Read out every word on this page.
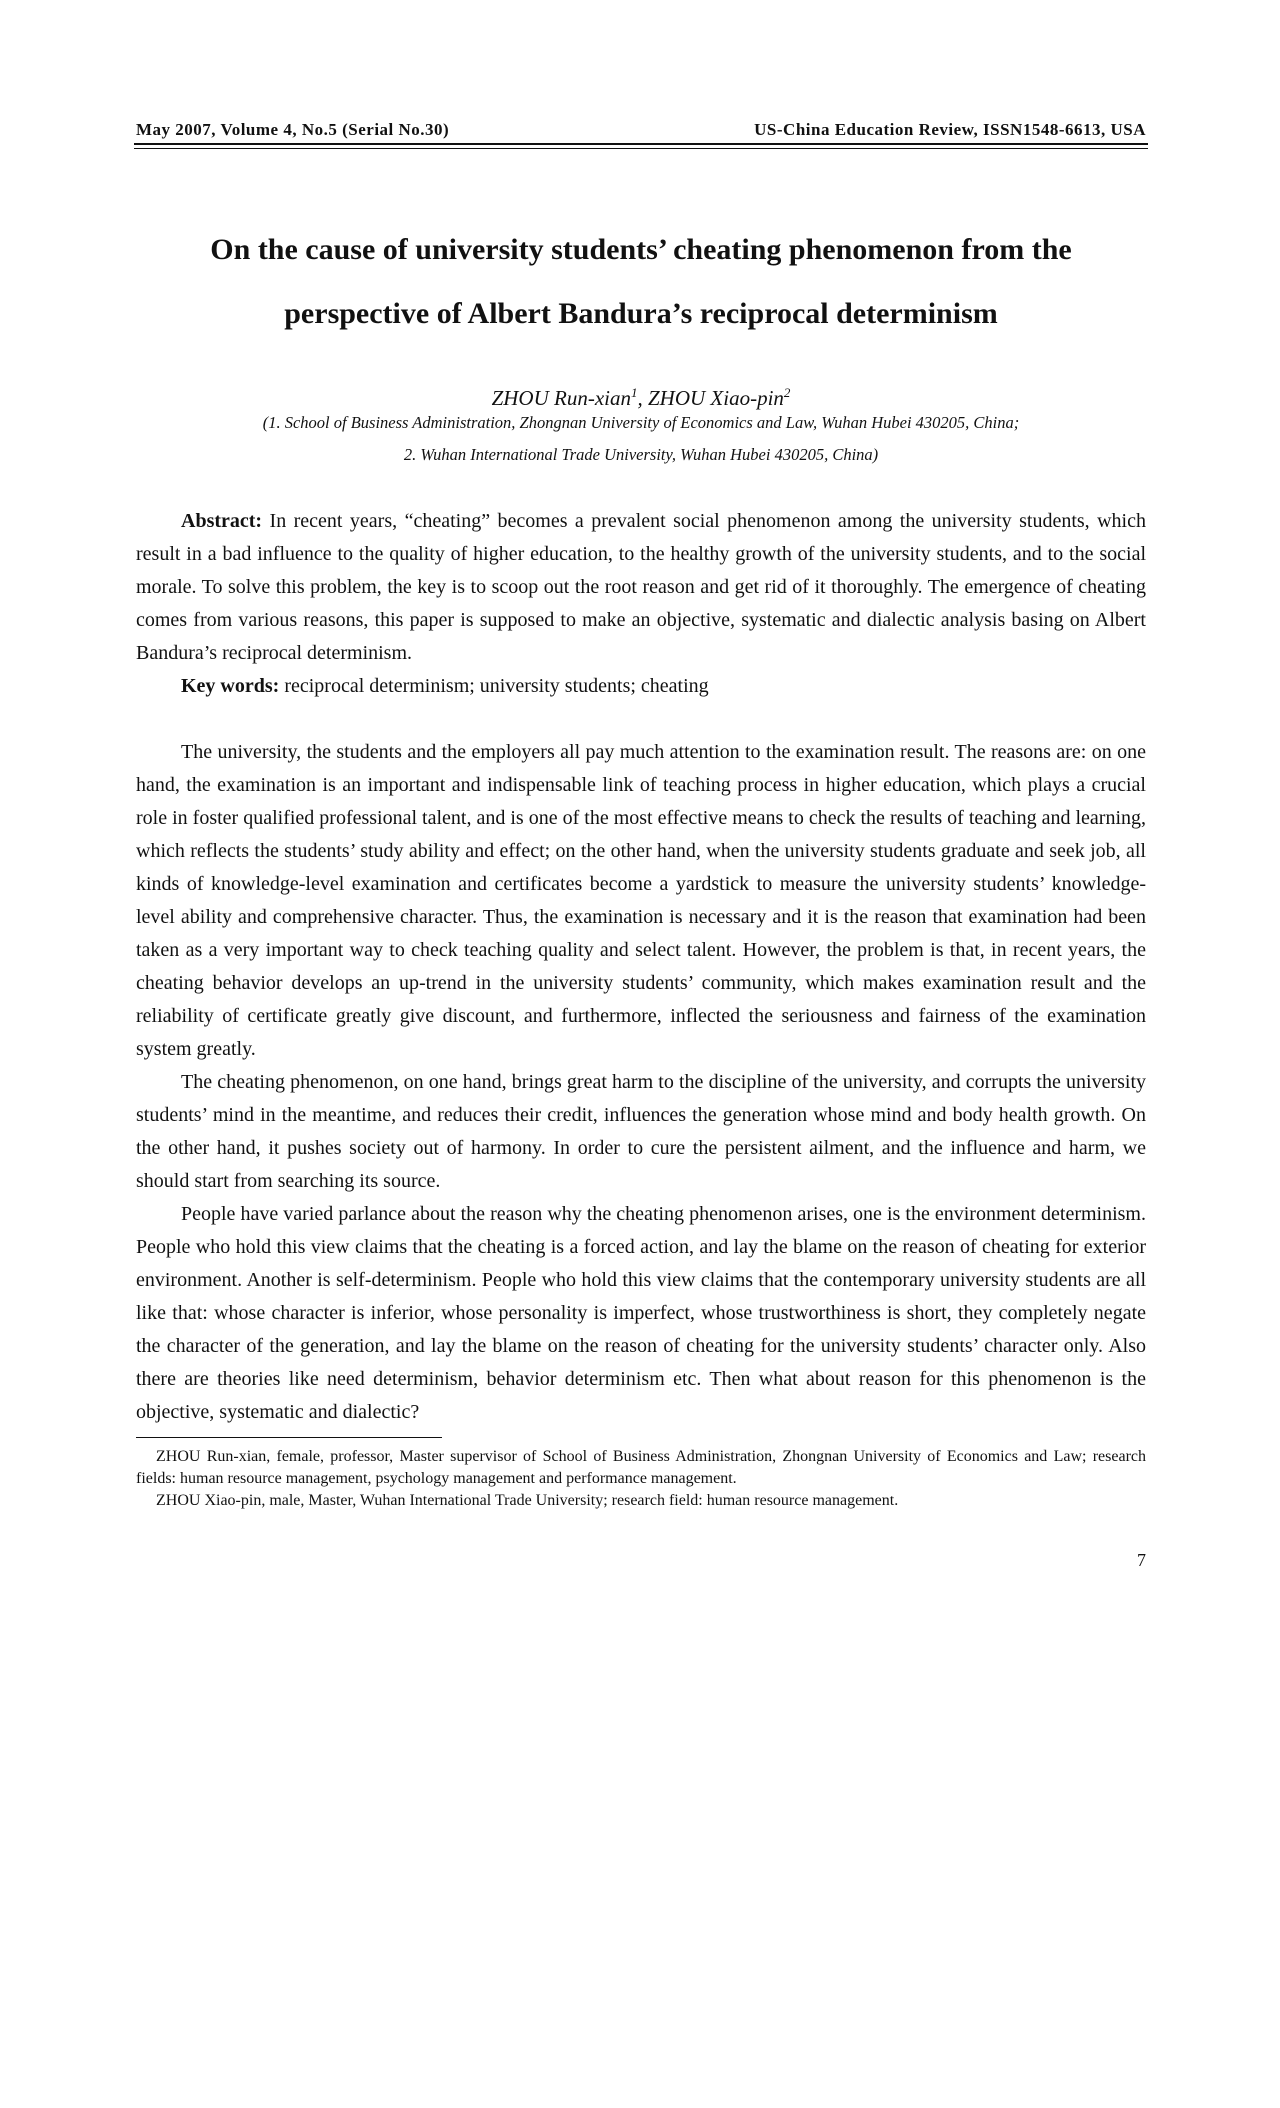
May 2007, Volume 4, No.5 (Serial No.30)	US-China Education Review, ISSN1548-6613, USA
On the cause of university students’ cheating phenomenon from the
perspective of Albert Bandura’s reciprocal determinism
ZHOU Run-xian$^1$, ZHOU Xiao-pin$^2$
(1. School of Business Administration, Zhongnan University of Economics and Law, Wuhan Hubei 430205, China;
2. Wuhan International Trade University, Wuhan Hubei 430205, China)

Abstract: In recent years, “cheating” becomes a prevalent social phenomenon among the university students, which result in a bad influence to the quality of higher education, to the healthy growth of the university students, and to the social morale. To solve this problem, the key is to scoop out the root reason and get rid of it thoroughly. The emergence of cheating comes from various reasons, this paper is supposed to make an objective, systematic and dialectic analysis basing on Albert Bandura’s reciprocal determinism.

Key words: reciprocal determinism; university students; cheating

The university, the students and the employers all pay much attention to the examination result. The reasons are: on one hand, the examination is an important and indispensable link of teaching process in higher education, which plays a crucial role in foster qualified professional talent, and is one of the most effective means to check the results of teaching and learning, which reflects the students’ study ability and effect; on the other hand, when the university students graduate and seek job, all kinds of knowledge-level examination and certificates become a yardstick to measure the university students’ knowledge-level ability and comprehensive character. Thus, the examination is necessary and it is the reason that examination had been taken as a very important way to check teaching quality and select talent. However, the problem is that, in recent years, the cheating behavior develops an up-trend in the university students’ community, which makes examination result and the reliability of certificate greatly give discount, and furthermore, inflected the seriousness and fairness of the examination system greatly.

The cheating phenomenon, on one hand, brings great harm to the discipline of the university, and corrupts the university students’ mind in the meantime, and reduces their credit, influences the generation whose mind and body health growth. On the other hand, it pushes society out of harmony. In order to cure the persistent ailment, and the influence and harm, we should start from searching its source.

People have varied parlance about the reason why the cheating phenomenon arises, one is the environment determinism. People who hold this view claims that the cheating is a forced action, and lay the blame on the reason of cheating for exterior environment. Another is self-determinism. People who hold this view claims that the contemporary university students are all like that: whose character is inferior, whose personality is imperfect, whose trustworthiness is short, they completely negate the character of the generation, and lay the blame on the reason of cheating for the university students’ character only. Also there are theories like need determinism, behavior determinism etc. Then what about reason for this phenomenon is the objective, systematic and dialectic?

ZHOU Run-xian, female, professor, Master supervisor of School of Business Administration, Zhongnan University of Economics and Law; research fields: human resource management, psychology management and performance management.

ZHOU Xiao-pin, male, Master, Wuhan International Trade University; research field: human resource management.

7
